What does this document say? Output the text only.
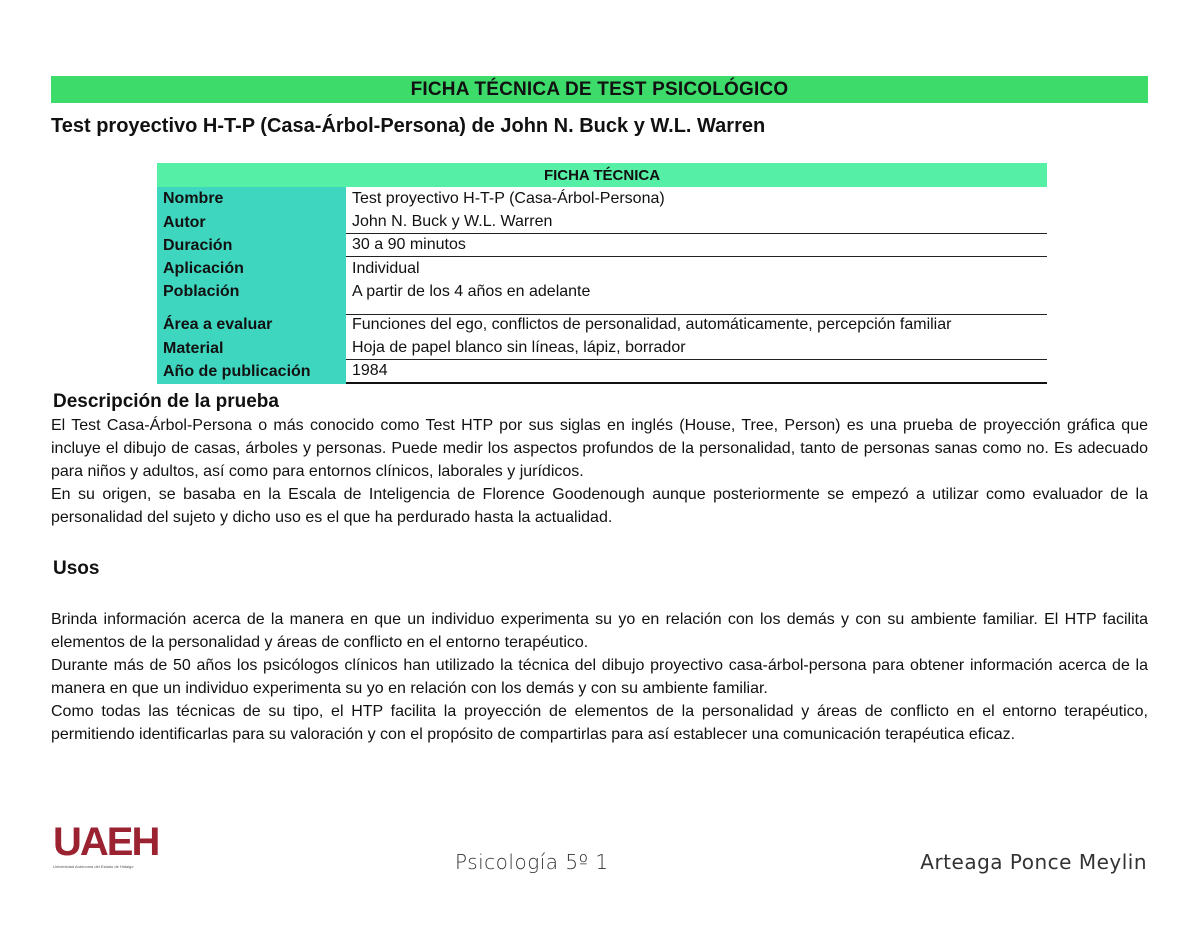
FICHA TÉCNICA DE TEST PSICOLÓGICO
Test proyectivo H-T-P (Casa-Árbol-Persona) de John N. Buck y W.L. Warren
FICHA TÉCNICA
Nombre	Test proyectivo H-T-P (Casa-Árbol-Persona)
Autor	John N. Buck y W.L. Warren
Duración	30 a 90 minutos
Aplicación	Individual
Población	A partir de los 4 años en adelante
Área a evaluar	Funciones del ego, conflictos de personalidad, automáticamente, percepción familiar
Material	Hoja de papel blanco sin líneas, lápiz, borrador
Año de publicación	1984
Descripción de la prueba

El Test Casa-Árbol-Persona o más conocido como Test HTP por sus siglas en inglés (House, Tree, Person) es una prueba de proyección gráfica que incluye el dibujo de casas, árboles y personas. Puede medir los aspectos profundos de la personalidad, tanto de personas sanas como no. Es adecuado para niños y adultos, así como para entornos clínicos, laborales y jurídicos.

En su origen, se basaba en la Escala de Inteligencia de Florence Goodenough aunque posteriormente se empezó a utilizar como evaluador de la personalidad del sujeto y dicho uso es el que ha perdurado hasta la actualidad.

Usos

Brinda información acerca de la manera en que un individuo experimenta su yo en relación con los demás y con su ambiente familiar. El HTP facilita elementos de la personalidad y áreas de conflicto en el entorno terapéutico.

Durante más de 50 años los psicólogos clínicos han utilizado la técnica del dibujo proyectivo casa-árbol-persona para obtener información acerca de la manera en que un individuo experimenta su yo en relación con los demás y con su ambiente familiar.

Como todas las técnicas de su tipo, el HTP facilita la proyección de elementos de la personalidad y áreas de conflicto en el entorno terapéutico, permitiendo identificarlas para su valoración y con el propósito de compartirlas para así establecer una comunicación terapéutica eficaz.

UAEH
Universidad Autónoma del Estado de Hidalgo	Psicología 5º 1	Arteaga Ponce Meylin
